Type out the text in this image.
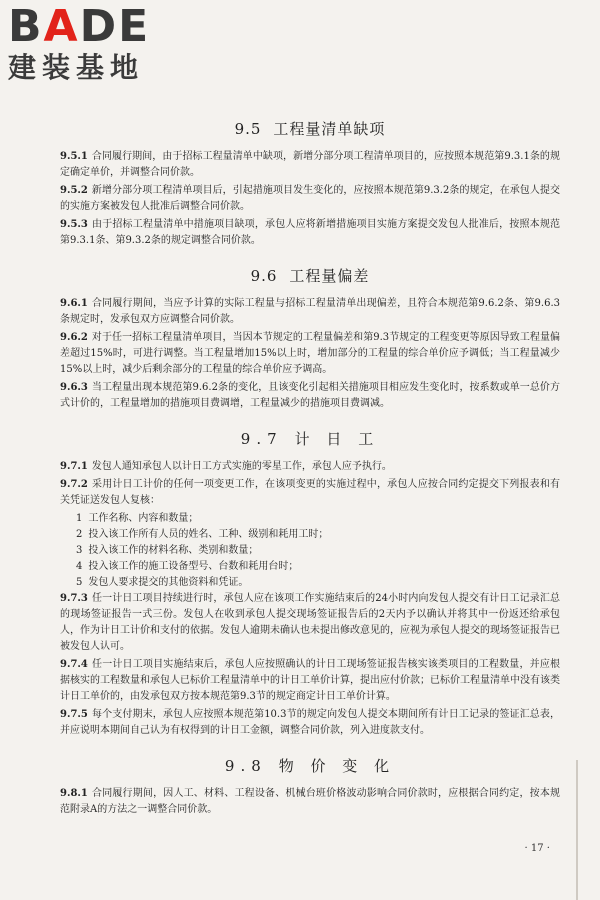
BADE
建装基地
9.5 工程量清单缺项

9.5.1 合同履行期间，由于招标工程量清单中缺项，新增分部分项工程清单项目的，应按照本规范第9.3.1条的规定确定单价，并调整合同价款。

9.5.2 新增分部分项工程清单项目后，引起措施项目发生变化的，应按照本规范第9.3.2条的规定，在承包人提交的实施方案被发包人批准后调整合同价款。

9.5.3 由于招标工程量清单中措施项目缺项，承包人应将新增措施项目实施方案提交发包人批准后，按照本规范第9.3.1条、第9.3.2条的规定调整合同价款。

9.6 工程量偏差

9.6.1 合同履行期间，当应予计算的实际工程量与招标工程量清单出现偏差，且符合本规范第9.6.2条、第9.6.3条规定时，发承包双方应调整合同价款。

9.6.2 对于任一招标工程量清单项目，当因本节规定的工程量偏差和第9.3节规定的工程变更等原因导致工程量偏差超过15%时，可进行调整。当工程量增加15%以上时，增加部分的工程量的综合单价应予调低；当工程量减少15%以上时，减少后剩余部分的工程量的综合单价应予调高。

9.6.3 当工程量出现本规范第9.6.2条的变化，且该变化引起相关措施项目相应发生变化时，按系数或单一总价方式计价的，工程量增加的措施项目费调增，工程量减少的措施项目费调减。

9.7 计 日 工

9.7.1 发包人通知承包人以计日工方式实施的零星工作，承包人应予执行。

9.7.2 采用计日工计价的任何一项变更工作，在该项变更的实施过程中，承包人应按合同约定提交下列报表和有关凭证送发包人复核：

1 工作名称、内容和数量；

2 投入该工作所有人员的姓名、工种、级别和耗用工时；

3 投入该工作的材料名称、类别和数量；

4 投入该工作的施工设备型号、台数和耗用台时；

5 发包人要求提交的其他资料和凭证。

9.7.3 任一计日工项目持续进行时，承包人应在该项工作实施结束后的24小时内向发包人提交有计日工记录汇总的现场签证报告一式三份。发包人在收到承包人提交现场签证报告后的2天内予以确认并将其中一份返还给承包人，作为计日工计价和支付的依据。发包人逾期未确认也未提出修改意见的，应视为承包人提交的现场签证报告已被发包人认可。

9.7.4 任一计日工项目实施结束后，承包人应按照确认的计日工现场签证报告核实该类项目的工程数量，并应根据核实的工程数量和承包人已标价工程量清单中的计日工单价计算，提出应付价款；已标价工程量清单中没有该类计日工单价的，由发承包双方按本规范第9.3节的规定商定计日工单价计算。

9.7.5 每个支付期末，承包人应按照本规范第10.3节的规定向发包人提交本期间所有计日工记录的签证汇总表，并应说明本期间自己认为有权得到的计日工金额，调整合同价款，列入进度款支付。

9.8 物 价 变 化

9.8.1 合同履行期间，因人工、材料、工程设备、机械台班价格波动影响合同价款时，应根据合同约定，按本规范附录A的方法之一调整合同价款。

· 17 ·
